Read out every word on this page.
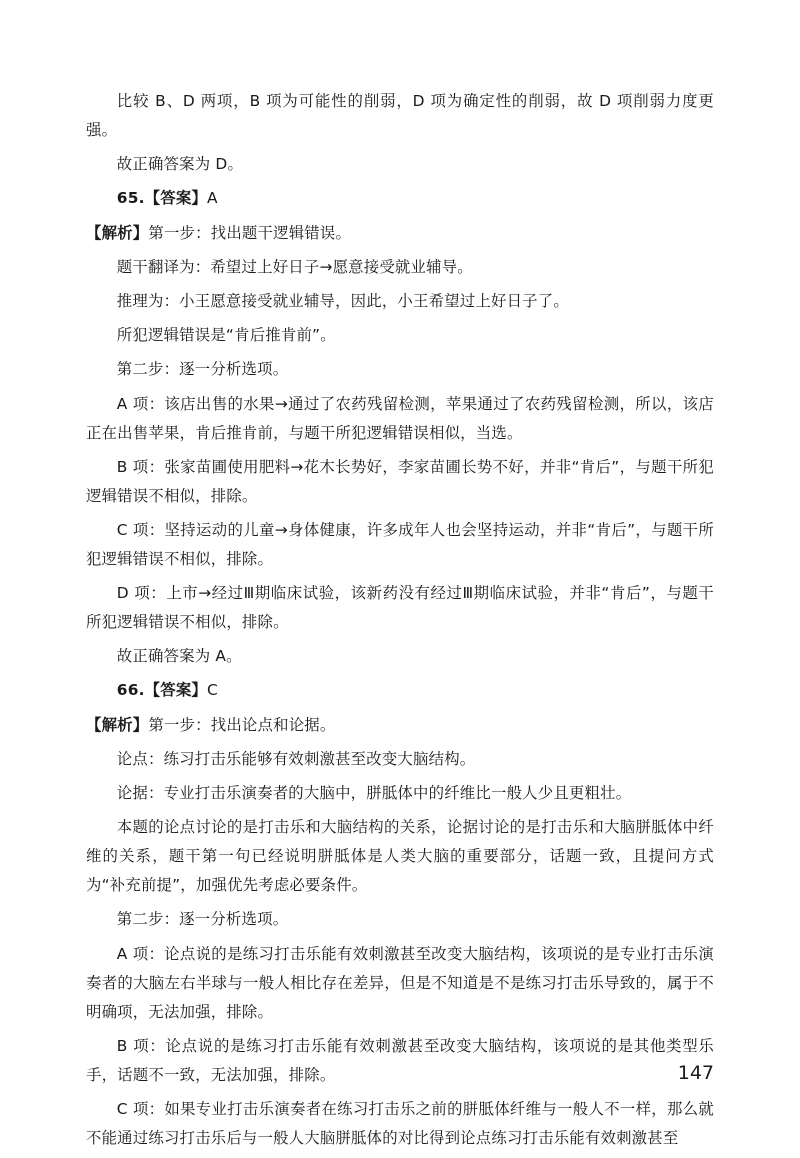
比较 B、D 两项，B 项为可能性的削弱，D 项为确定性的削弱，故 D 项削弱力度更强。

故正确答案为 D。

65.【答案】A

【解析】第一步：找出题干逻辑错误。

题干翻译为：希望过上好日子→愿意接受就业辅导。

推理为：小王愿意接受就业辅导，因此，小王希望过上好日子了。

所犯逻辑错误是“肯后推肯前”。

第二步：逐一分析选项。

A 项：该店出售的水果→通过了农药残留检测，苹果通过了农药残留检测，所以，该店正在出售苹果，肯后推肯前，与题干所犯逻辑错误相似，当选。

B 项：张家苗圃使用肥料→花木长势好，李家苗圃长势不好，并非“肯后”，与题干所犯逻辑错误不相似，排除。

C 项：坚持运动的儿童→身体健康，许多成年人也会坚持运动，并非“肯后”，与题干所犯逻辑错误不相似，排除。

D 项：上市→经过Ⅲ期临床试验，该新药没有经过Ⅲ期临床试验，并非“肯后”，与题干所犯逻辑错误不相似，排除。

故正确答案为 A。

66.【答案】C

【解析】第一步：找出论点和论据。

论点：练习打击乐能够有效刺激甚至改变大脑结构。

论据：专业打击乐演奏者的大脑中，胼胝体中的纤维比一般人少且更粗壮。

本题的论点讨论的是打击乐和大脑结构的关系，论据讨论的是打击乐和大脑胼胝体中纤维的关系，题干第一句已经说明胼胝体是人类大脑的重要部分，话题一致，且提问方式为“补充前提”，加强优先考虑必要条件。

第二步：逐一分析选项。

A 项：论点说的是练习打击乐能有效刺激甚至改变大脑结构，该项说的是专业打击乐演奏者的大脑左右半球与一般人相比存在差异，但是不知道是不是练习打击乐导致的，属于不明确项，无法加强，排除。

B 项：论点说的是练习打击乐能有效刺激甚至改变大脑结构，该项说的是其他类型乐手，话题不一致，无法加强，排除。

C 项：如果专业打击乐演奏者在练习打击乐之前的胼胝体纤维与一般人不一样，那么就不能通过练习打击乐后与一般人大脑胼胝体的对比得到论点练习打击乐能有效刺激甚至

147
